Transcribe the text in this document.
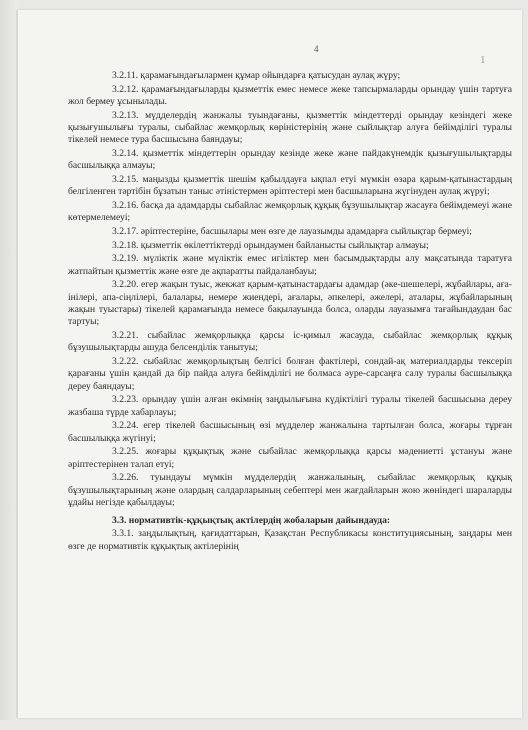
4
1

3.2.11. қарамағындағылармен құмар ойындарға қатысудан аулақ жүру;

3.2.12. қарамағындағыларды қызметтік емес немесе жеке тапсырмаларды орындау үшін тартуға жол бермеу ұсынылады.

3.2.13. мүдделердің жанжалы туындағаны, қызметтік міндеттерді орындау кезіндегі жеке қызығушылығы туралы, сыбайлас жемқорлық көріністерінің және сыйлықтар алуға бейімділігі туралы тікелей немесе тура басшысына баяндауы;

3.2.14. қызметтік міндеттерін орындау кезінде жеке және пайдакүнемдік қызығушылықтарды басшылыққа алмауы;

3.2.15. маңызды қызметтік шешім қабылдауға ықпал етуі мүмкін өзара қарым-қатынастардың белгіленген тәртібін бұзатын таныс әтіністермен әріптестері мен басшыларына жүгінуден аулақ жүруі;

3.2.16. басқа да адамдарды сыбайлас жемқорлық құқық бұзушылықтар жасауға бейімдемеуі және көтермелемеуі;

3.2.17. әріптестеріне, басшылары мен өзге де лауазымды адамдарға сыйлықтар бермеуі;

3.2.18. қызметтік өкілеттіктерді орындаумен байланысты сыйлықтар алмауы;

3.2.19. мүліктік және мүліктік емес игіліктер мен басымдықтарды алу мақсатында таратуға жатпайтын қызметтік және өзге де ақпаратты пайдаланбауы;

3.2.20. егер жақын туыс, жекжат қарым-қатынастардағы адамдар (әке-шешелері, жұбайлары, аға-інілері, апа-сіңлілері, балалары, немере жиендері, ағалары, әпкелері, әжелері, аталары, жұбайларының жақын туыстары) тікелей қарамағында немесе бақылауында болса, оларды лауазымға тағайындаудан бас тартуы;

3.2.21. сыбайлас жемқорлыққа қарсы іс-қимыл жасауда, сыбайлас жемқорлық құқық бұзушылықтарды ашуда белсенділік танытуы;

3.2.22. сыбайлас жемқорлықтың белгісі болған фактілері, сондай-ақ материалдарды тексеріп қарағаны үшін қандай да бір пайда алуға бейімділігі не болмаса әуре-сарсаңға салу туралы басшылыққа дереу баяндауы;

3.2.23. орындау үшін алған өкімнің заңдылығына күдіктілігі туралы тікелей басшысына дереу жазбаша түрде хабарлауы;

3.2.24. егер тікелей басшысының өзі мүдделер жанжалына тартылған болса, жоғары тұрған басшылыққа жүгінуі;

3.2.25. жоғары құқықтық және сыбайлас жемқорлыққа қарсы мәдениетті ұстануы және әріптестерінен талап етуі;

3.2.26. туындауы мүмкін мүдделердің жанжалының, сыбайлас жемқорлық құқық бұзушылықтарының және олардың салдарларының себептері мен жағдайларын жою жөніндегі шараларды ұдайы негізде қабылдауы;

3.3. нормативтік-құқықтық актілердің жобаларын дайындауда:

3.3.1. заңдылықтың, қағидаттарын, Қазақстан Республикасы конституциясының, заңдары мен өзге де нормативтік құқықтық актілерінің
